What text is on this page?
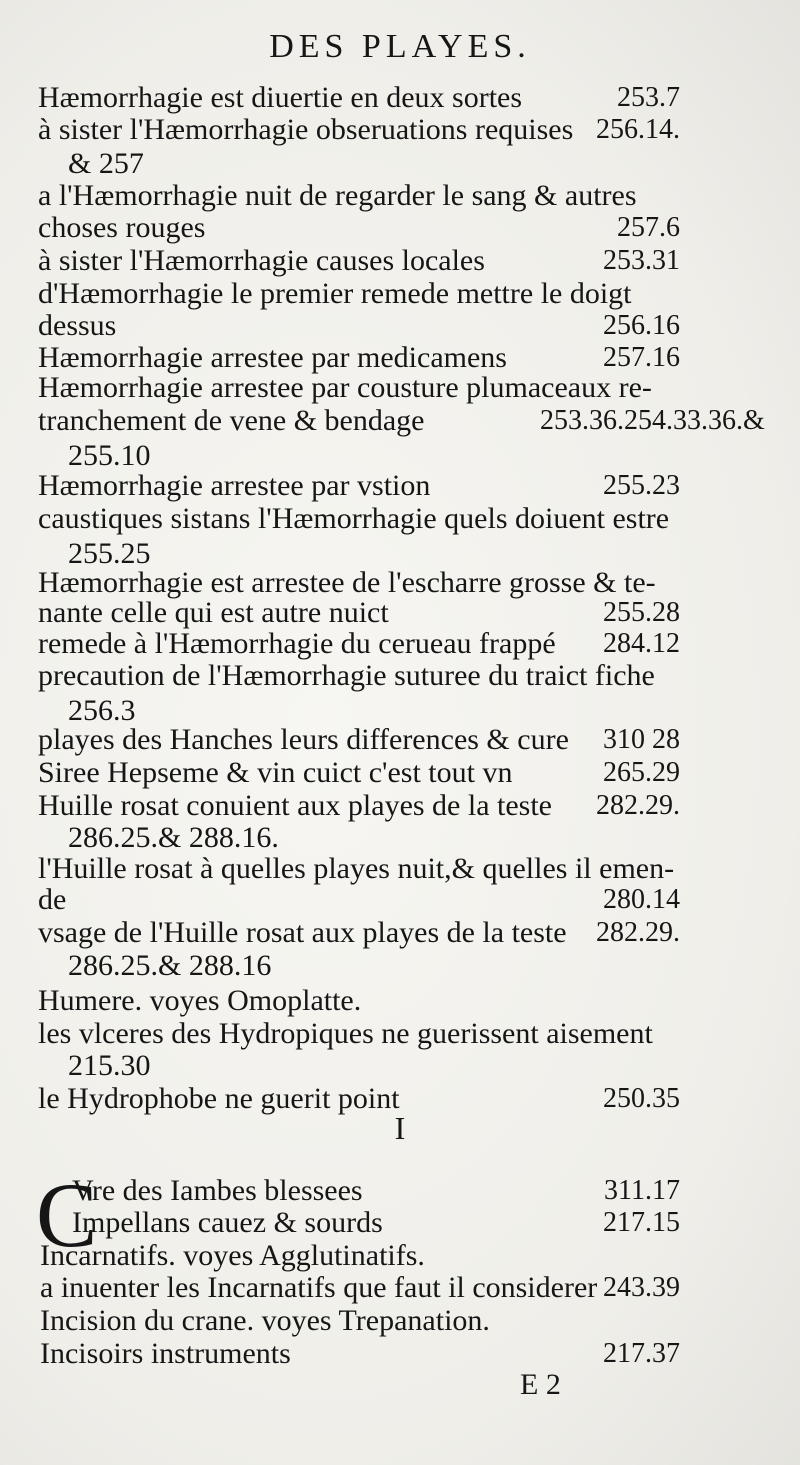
DES PLAYES.
Hæmorrhagie est diuertie en deux sortes	253.7
à sister l'Hæmorrhagie obseruations requises 256.14.
& 257
a l'Hæmorrhagie nuit de regarder le sang & autres
choses rouges	257.6
à sister l'Hæmorrhagie causes locales	253.31
d'Hæmorrhagie le premier remede mettre le doigt
dessus	256.16
Hæmorrhagie arrestee par medicamens	257.16
Hæmorrhagie arrestee par cousture plumaceaux re-
tranchement de vene & bendage	253.36.254.33.36.&
255.10
Hæmorrhagie arrestee par vstion	255.23
caustiques sistans l'Hæmorrhagie quels doiuent estre
255.25
Hæmorrhagie est arrestee de l'escharre grosse & te-
nante celle qui est autre nuict	255.28
remede à l'Hæmorrhagie du cerueau frappé	284.12
precaution de l'Hæmorrhagie suturee du traict fiche
256.3
playes des Hanches leurs differences & cure	310 28
Siree Hepseme & vin cuict c'est tout vn	265.29
Huille rosat conuient aux playes de la teste	282.29.
286.25.& 288.16.
l'Huille rosat à quelles playes nuit,& quelles il emen-
de	280.14
vsage de l'Huille rosat aux playes de la teste	282.29.
286.25.& 288.16
Humere. voyes Omoplatte.
les vlceres des Hydropiques ne guerissent aisement
215.30
le Hydrophobe ne guerit point	250.35
I
C
Vre des Iambes blessees	311.17
Impellans cauez & sourds	217.15
Incarnatifs. voyes Agglutinatifs.
a inuenter les Incarnatifs que faut il considerer 243.39
Incision du crane. voyes Trepanation.
Incisoirs instruments	217.37
E 2
